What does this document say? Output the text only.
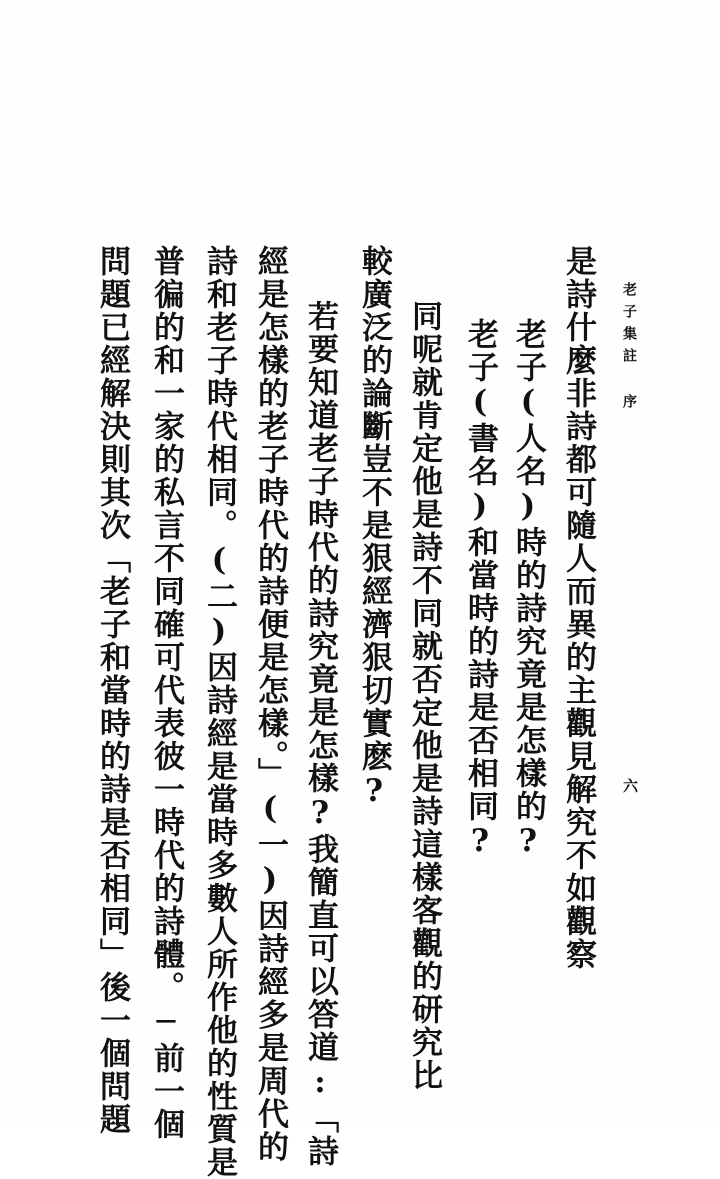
老子集註 序
六
是詩什麼非詩都可隨人而異的主觀見解究不如觀察
老子(人名)時的詩究竟是怎樣的?
老子(書名)和當時的詩是否相同?
同呢就肯定他是詩不同就否定他是詩這樣客觀的研究比
較廣泛的論斷豈不是狠經濟狠切實麽?
若要知道老子時代的詩究竟是怎樣?我簡直可以答道:「詩
經是怎樣的老子時代的詩便是怎樣。」(一)因詩經多是周代的
詩和老子時代相同。(二)因詩經是當時多數人所作他的性質是
普徧的和一家的私言不同確可代表彼一時代的詩體。─前一個
問題已經解決則其次「老子和當時的詩是否相同」後一個問題
